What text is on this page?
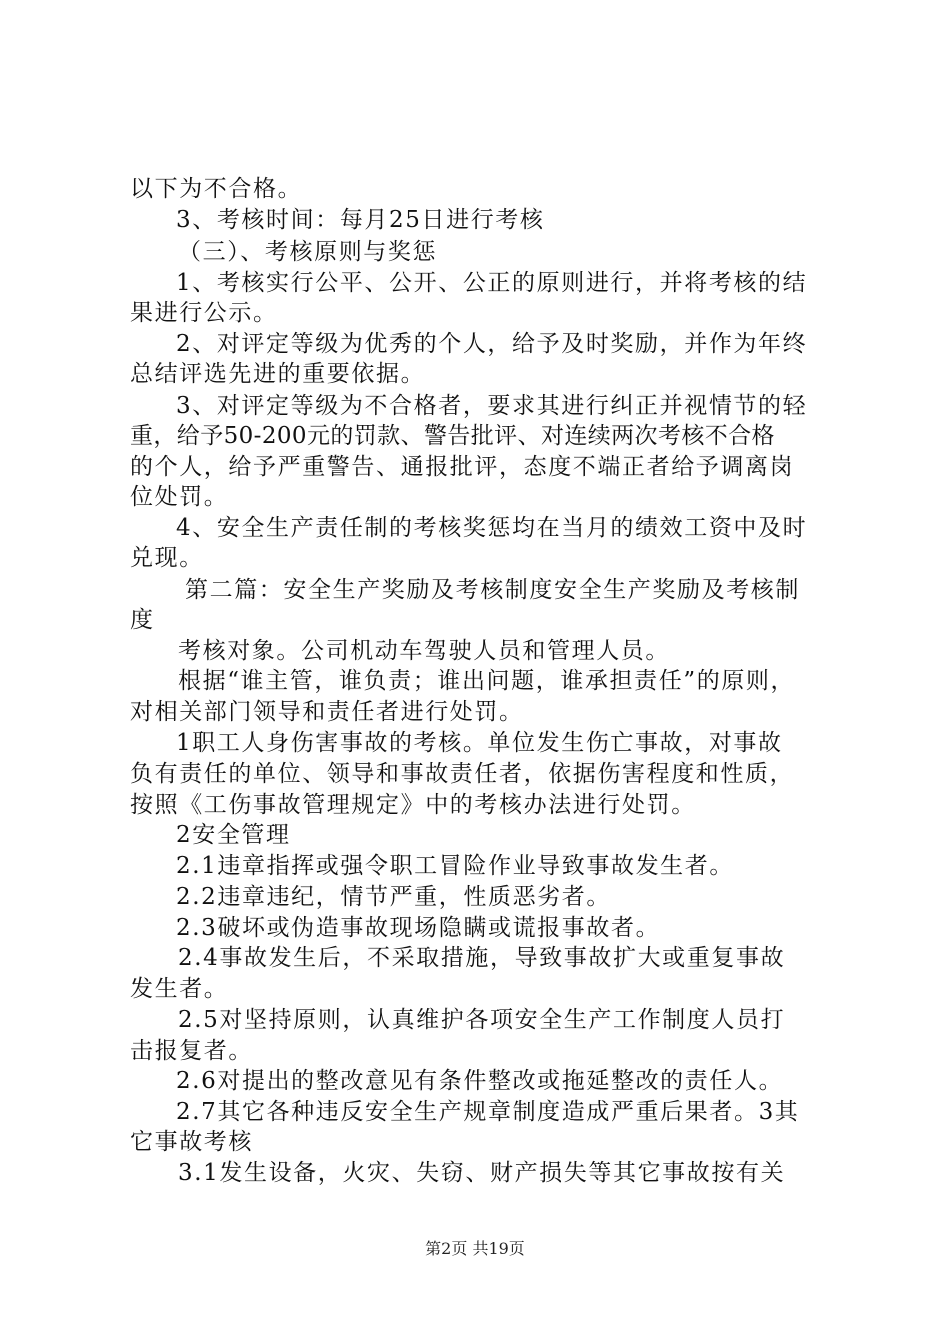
以下为不合格。
3、考核时间：每月25日进行考核
（三）、考核原则与奖惩
1、考核实行公平、公开、公正的原则进行，并将考核的结
果进行公示。
2、对评定等级为优秀的个人，给予及时奖励，并作为年终
总结评选先进的重要依据。
3、对评定等级为不合格者，要求其进行纠正并视情节的轻
重，给予50-200元的罚款、警告批评、对连续两次考核不合格
的个人，给予严重警告、通报批评，态度不端正者给予调离岗
位处罚。
4、安全生产责任制的考核奖惩均在当月的绩效工资中及时
兑现。
第二篇：安全生产奖励及考核制度安全生产奖励及考核制
度
考核对象。公司机动车驾驶人员和管理人员。
根据“谁主管，谁负责；谁出问题，谁承担责任”的原则，
对相关部门领导和责任者进行处罚。
1职工人身伤害事故的考核。单位发生伤亡事故，对事故
负有责任的单位、领导和事故责任者，依据伤害程度和性质，
按照《工伤事故管理规定》中的考核办法进行处罚。
2安全管理
2.1违章指挥或强令职工冒险作业导致事故发生者。
2.2违章违纪，情节严重，性质恶劣者。
2.3破坏或伪造事故现场隐瞒或谎报事故者。
2.4事故发生后，不采取措施，导致事故扩大或重复事故
发生者。
2.5对坚持原则，认真维护各项安全生产工作制度人员打
击报复者。
2.6对提出的整改意见有条件整改或拖延整改的责任人。
2.7其它各种违反安全生产规章制度造成严重后果者。3其
它事故考核
3.1发生设备，火灾、失窃、财产损失等其它事故按有关
第2页 共19页
